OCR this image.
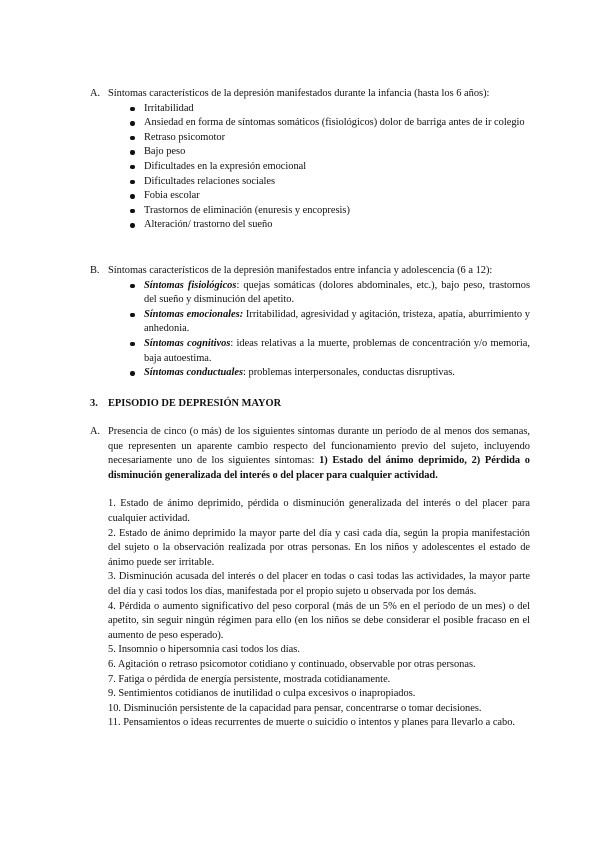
A. Síntomas característicos de la depresión manifestados durante la infancia (hasta los 6 años):
Irritabilidad
Ansiedad en forma de síntomas somáticos (fisiológicos) dolor de barriga antes de ir colegio
Retraso psicomotor
Bajo peso
Dificultades en la expresión emocional
Dificultades relaciones sociales
Fobia escolar
Trastornos de eliminación (enuresis y encopresis)
Alteración/ trastorno del sueño
B. Síntomas característicos de la depresión manifestados entre infancia y adolescencia (6 a 12):
Síntomas fisiológicos: quejas somáticas (dolores abdominales, etc.), bajo peso, trastornos del sueño y disminución del apetito.
Síntomas emocionales: Irritabilidad, agresividad y agitación, tristeza, apatía, aburrimiento y anhedonia.
Síntomas cognitivos: ideas relativas a la muerte, problemas de concentración y/o memoria, baja autoestima.
Síntomas conductuales: problemas interpersonales, conductas disruptivas.
3. EPISODIO DE DEPRESIÓN MAYOR
A. Presencia de cinco (o más) de los siguientes síntomas durante un período de al menos dos semanas, que representen un aparente cambio respecto del funcionamiento previo del sujeto, incluyendo necesariamente uno de los siguientes síntomas: 1) Estado del ánimo deprimido, 2) Pérdida o disminución generalizada del interés o del placer para cualquier actividad.

1. Estado de ánimo deprimido, pérdida o disminución generalizada del interés o del placer para cualquier actividad.

2. Estado de ánimo deprimido la mayor parte del día y casi cada día, según la propia manifestación del sujeto o la observación realizada por otras personas. En los niños y adolescentes el estado de ánimo puede ser irritable.

3. Disminución acusada del interés o del placer en todas o casi todas las actividades, la mayor parte del día y casi todos los días, manifestada por el propio sujeto u observada por los demás.

4. Pérdida o aumento significativo del peso corporal (más de un 5% en el período de un mes) o del apetito, sin seguir ningún régimen para ello (en los niños se debe considerar el posible fracaso en el aumento de peso esperado).

5. Insomnio o hipersomnia casi todos los días.

6. Agitación o retraso psicomotor cotidiano y continuado, observable por otras personas.

7. Fatiga o pérdida de energía persistente, mostrada cotidianamente.

9. Sentimientos cotidianos de inutilidad o culpa excesivos o inapropiados.

10. Disminución persistente de la capacidad para pensar, concentrarse o tomar decisiones.

11. Pensamientos o ideas recurrentes de muerte o suicidio o intentos y planes para llevarlo a cabo.
